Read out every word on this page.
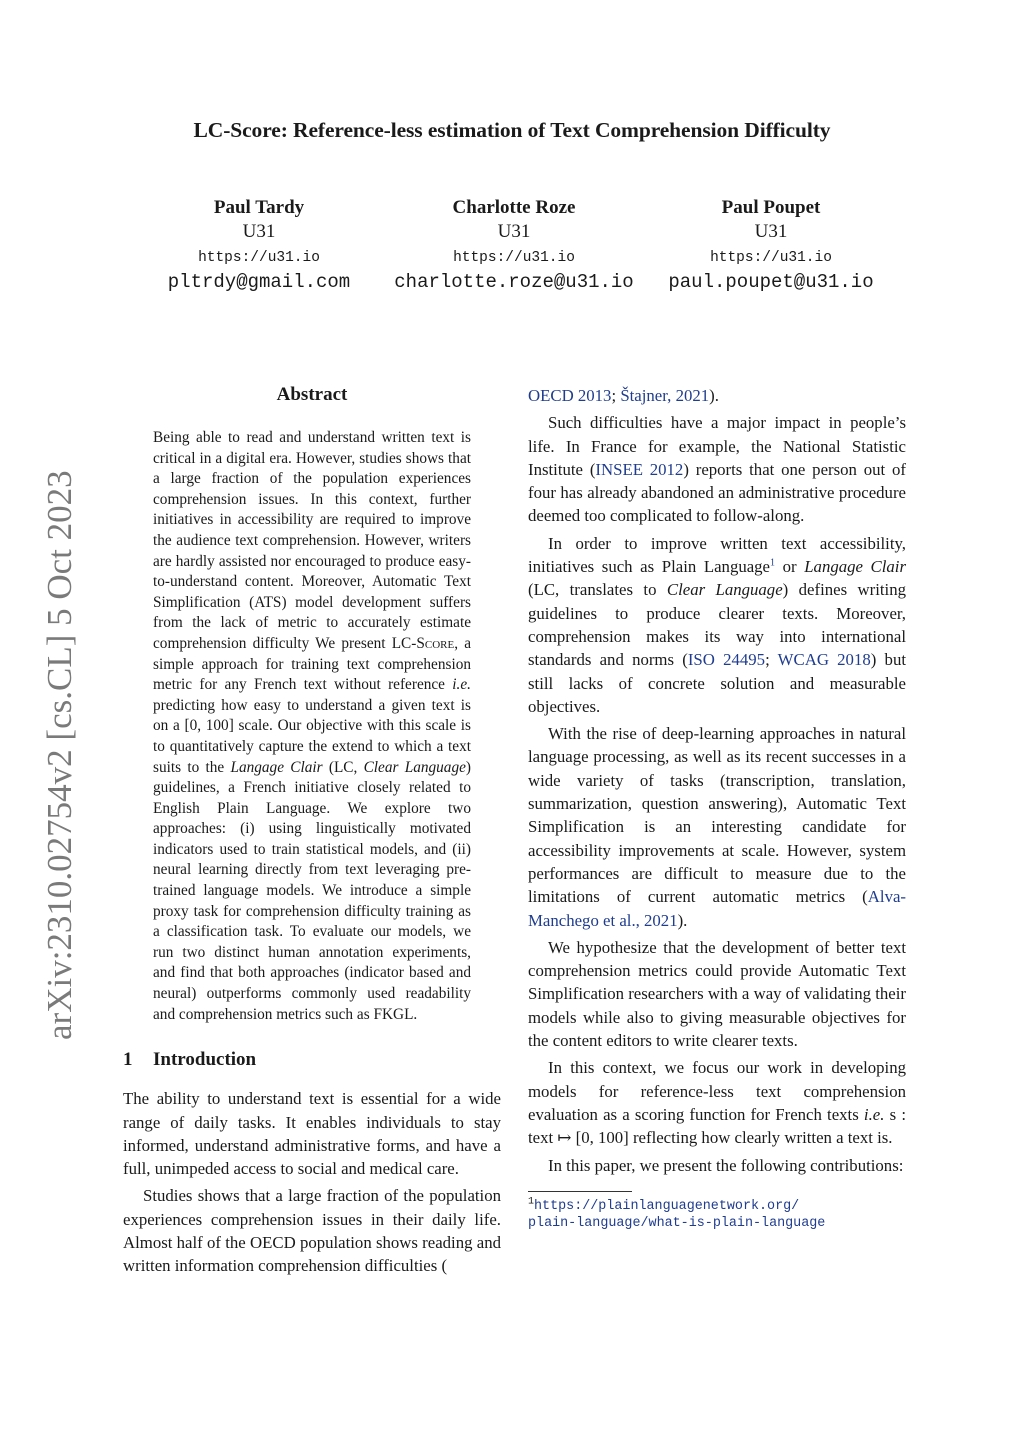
LC-Score: Reference-less estimation of Text Comprehension Difficulty
Paul Tardy
U31
https://u31.io
pltrdy@gmail.com
Charlotte Roze
U31
https://u31.io
charlotte.roze@u31.io
Paul Poupet
U31
https://u31.io
paul.poupet@u31.io
arXiv:2310.02754v2 [cs.CL] 5 Oct 2023
Abstract

Being able to read and understand written text is critical in a digital era. However, studies shows that a large fraction of the population experiences comprehension issues. In this context, further initiatives in accessibility are required to improve the audience text comprehension. However, writers are hardly assisted nor encouraged to produce easy-to-understand content. Moreover, Automatic Text Simplification (ATS) model development suffers from the lack of metric to accurately estimate comprehension difficulty We present LC-Score, a simple approach for training text comprehension metric for any French text without reference i.e. predicting how easy to understand a given text is on a [0, 100] scale. Our objective with this scale is to quantitatively capture the extend to which a text suits to the Langage Clair (LC, Clear Language) guidelines, a French initiative closely related to English Plain Language. We explore two approaches: (i) using linguistically motivated indicators used to train statistical models, and (ii) neural learning directly from text leveraging pre-trained language models. We introduce a simple proxy task for comprehension difficulty training as a classification task. To evaluate our models, we run two distinct human annotation experiments, and find that both approaches (indicator based and neural) outperforms commonly used readability and comprehension metrics such as FKGL.

1 Introduction

The ability to understand text is essential for a wide range of daily tasks. It enables individuals to stay informed, understand administrative forms, and have a full, unimpeded access to social and medical care.

Studies shows that a large fraction of the population experiences comprehension issues in their daily life. Almost half of the OECD population shows reading and written information comprehension difficulties (

OECD 2013; Štajner, 2021).

Such difficulties have a major impact in people’s life. In France for example, the National Statistic Institute (INSEE 2012) reports that one person out of four has already abandoned an administrative procedure deemed too complicated to follow-along.

In order to improve written text accessibility, initiatives such as Plain Language$^1$ or Langage Clair (LC, translates to Clear Language) defines writing guidelines to produce clearer texts. Moreover, comprehension makes its way into international standards and norms (ISO 24495; WCAG 2018) but still lacks of concrete solution and measurable objectives.

With the rise of deep-learning approaches in natural language processing, as well as its recent successes in a wide variety of tasks (transcription, translation, summarization, question answering), Automatic Text Simplification is an interesting candidate for accessibility improvements at scale. However, system performances are difficult to measure due to the limitations of current automatic metrics (Alva-Manchego et al., 2021).

We hypothesize that the development of better text comprehension metrics could provide Automatic Text Simplification researchers with a way of validating their models while also to giving measurable objectives for the content editors to write clearer texts.

In this context, we focus our work in developing models for reference-less text comprehension evaluation as a scoring function for French texts i.e. s : text ↦ [0, 100] reflecting how clearly written a text is.

In this paper, we present the following contributions:

$^1$https://plainlanguagenetwork.org/
plain-language/what-is-plain-language
